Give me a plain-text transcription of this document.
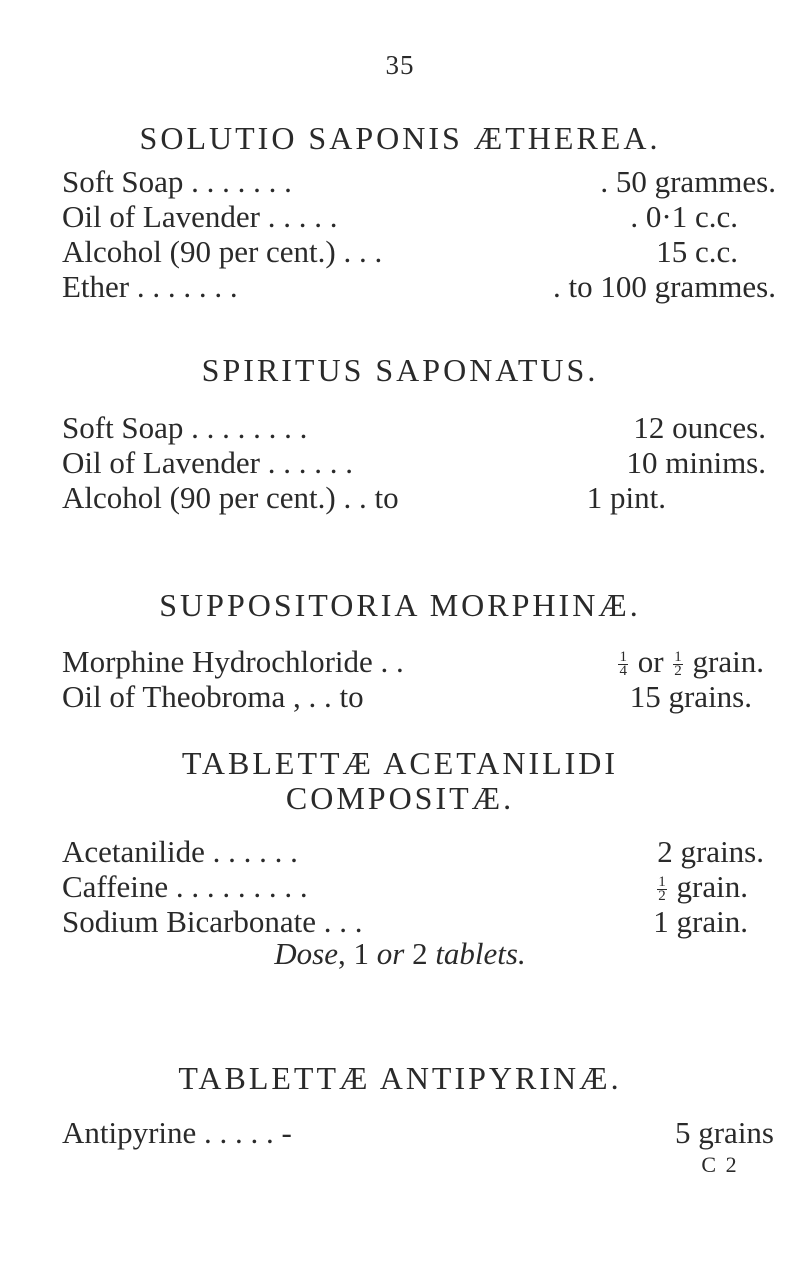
35
SOLUTIO SAPONIS ÆTHEREA.
Soft Soap . . . . . . .	. 50 grammes.
Oil of Lavender . . . . .	. 0·1 c.c.
Alcohol (90 per cent.) . . .	15 c.c.
Ether . . . . . . .	. to 100 grammes.
SPIRITUS SAPONATUS.
Soft Soap . . . . . . . .	12 ounces.
Oil of Lavender . . . . . .	10 minims.
Alcohol (90 per cent.) . . to	1 pint.
SUPPOSITORIA MORPHINÆ.
Morphine Hydrochloride . .	$\frac{1}{4}$ or $\frac{1}{2}$ grain.
Oil of Theobroma , . . to	15 grains.
TABLETTÆ ACETANILIDI
COMPOSITÆ.
Acetanilide . . . . . .	2 grains.
Caffeine . . . . . . . . .	$\frac{1}{2}$ grain.
Sodium Bicarbonate . . .	1 grain.
Dose, 1 or 2 tablets.
TABLETTÆ ANTIPYRINÆ.
Antipyrine . . . . . -	5 grains
C 2
